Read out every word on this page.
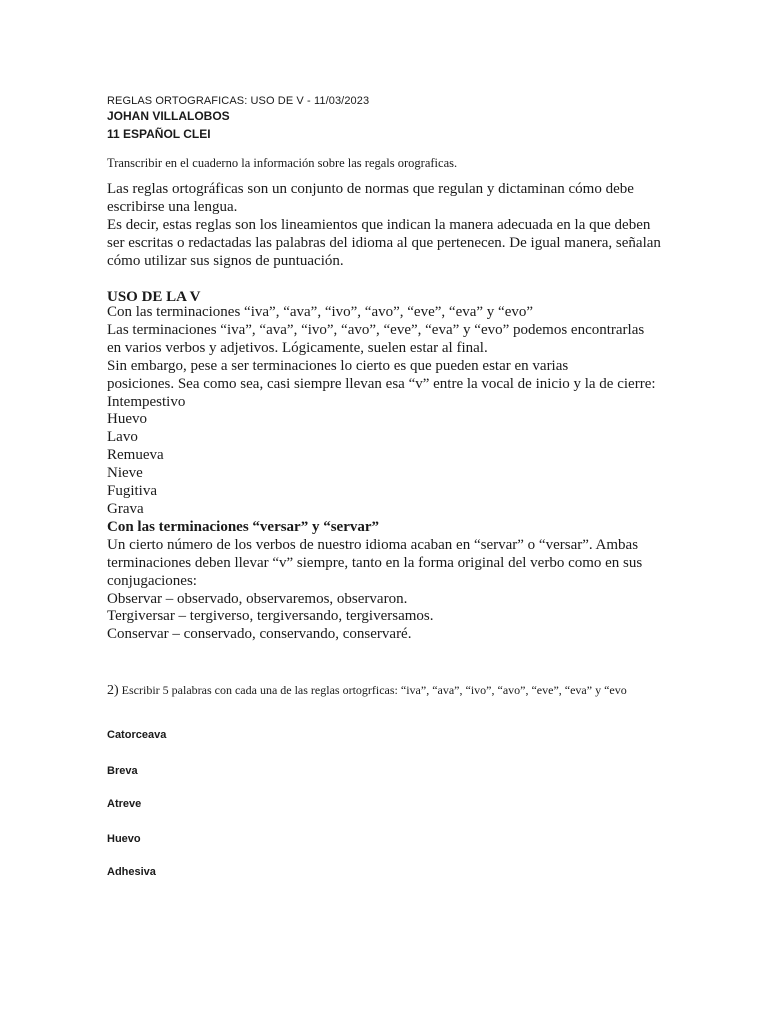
REGLAS ORTOGRAFICAS: USO DE V - 11/03/2023
JOHAN VILLALOBOS
11 ESPAÑOL CLEI
Transcribir en el cuaderno la información sobre las regals orograficas.

Las reglas ortográficas son un conjunto de normas que regulan y dictaminan cómo debe escribirse una lengua.

Es decir, estas reglas son los lineamientos que indican la manera adecuada en la que deben ser escritas o redactadas las palabras del idioma al que pertenecen. De igual manera, señalan cómo utilizar sus signos de puntuación.

USO DE LA V
Con las terminaciones “iva”, “ava”, “ivo”, “avo”, “eve”, “eva” y “evo”
Las terminaciones “iva”, “ava”, “ivo”, “avo”, “eve”, “eva” y “evo” podemos encontrarlas
en varios verbos y adjetivos. Lógicamente, suelen estar al final.
Sin embargo, pese a ser terminaciones lo cierto es que pueden estar en varias
posiciones. Sea como sea, casi siempre llevan esa “v” entre la vocal de inicio y la de cierre:
Intempestivo
Huevo
Lavo
Remueva
Nieve
Fugitiva
Grava
Con las terminaciones “versar” y “servar”
Un cierto número de los verbos de nuestro idioma acaban en “servar” o “versar”. Ambas
terminaciones deben llevar “v” siempre, tanto en la forma original del verbo como en sus
conjugaciones:
Observar – observado, observaremos, observaron.
Tergiversar – tergiverso, tergiversando, tergiversamos.
Conservar – conservado, conservando, conservaré.
2) Escribir 5 palabras con cada una de las reglas ortogrficas: “iva”, “ava”, “ivo”, “avo”, “eve”, “eva” y “evo
Catorceava
Breva
Atreve
Huevo
Adhesiva
